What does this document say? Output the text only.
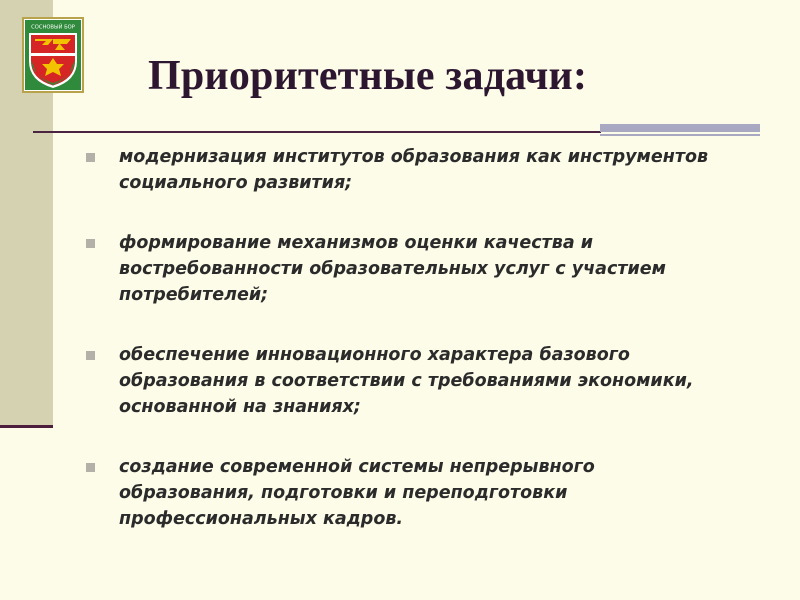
СОСНОВЫЙ БОР
Приоритетные задачи:
модернизация институтов образования как инструментов социального развития;
формирование механизмов оценки качества и востребованности образовательных услуг с участием потребителей;
обеспечение инновационного характера базового образования в соответствии с требованиями экономики, основанной на знаниях;
создание современной системы непрерывного образования, подготовки и переподготовки профессиональных кадров.
